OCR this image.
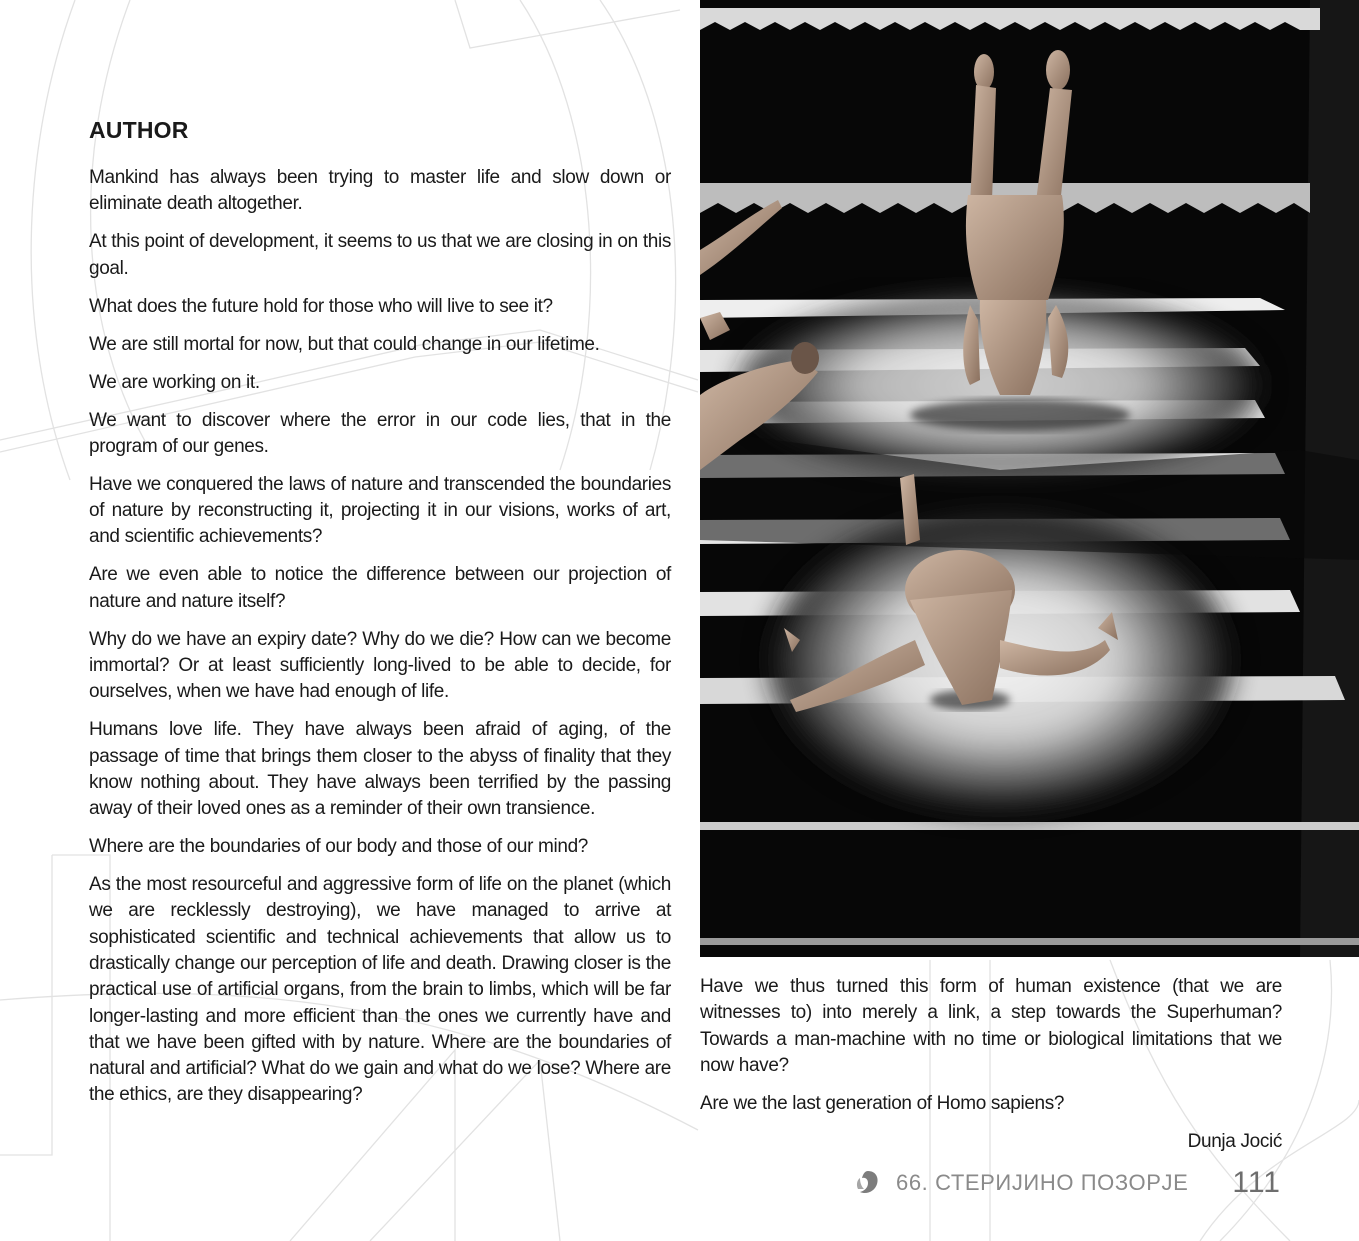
AUTHOR

Mankind has always been trying to master life and slow down or eliminate death altogether.

At this point of development, it seems to us that we are closing in on this goal.

What does the future hold for those who will live to see it?

We are still mortal for now, but that could change in our lifetime.

We are working on it.

We want to discover where the error in our code lies, that in the program of our genes.

Have we conquered the laws of nature and transcended the boundaries of nature by reconstructing it, projecting it in our visions, works of art, and scientific achievements?

Are we even able to notice the difference between our projection of nature and nature itself?

Why do we have an expiry date? Why do we die? How can we become immortal? Or at least sufficiently long-lived to be able to decide, for ourselves, when we have had enough of life.

Humans love life. They have always been afraid of aging, of the passage of time that brings them closer to the abyss of finality that they know nothing about. They have always been terrified by the passing away of their loved ones as a reminder of their own transience.

Where are the boundaries of our body and those of our mind?

As the most resourceful and aggressive form of life on the planet (which we are recklessly destroying), we have managed to arrive at sophisticated scientific and technical achievements that allow us to drastically change our perception of life and death. Drawing closer is the practical use of artificial organs, from the brain to limbs, which will be far longer-lasting and more efficient than the ones we currently have and that we have been gifted with by nature. Where are the boundaries of natural and artificial? What do we gain and what do we lose? Where are the ethics, are they disappearing?

Have we thus turned this form of human existence (that we are witnesses to) into merely a link, a step towards the Superhuman? Towards a man-machine with no time or biological limitations that we now have?

Are we the last generation of Homo sapiens?

Dunja Jocić

66. СТЕРИЈИНО ПОЗОРЈЕ 111
